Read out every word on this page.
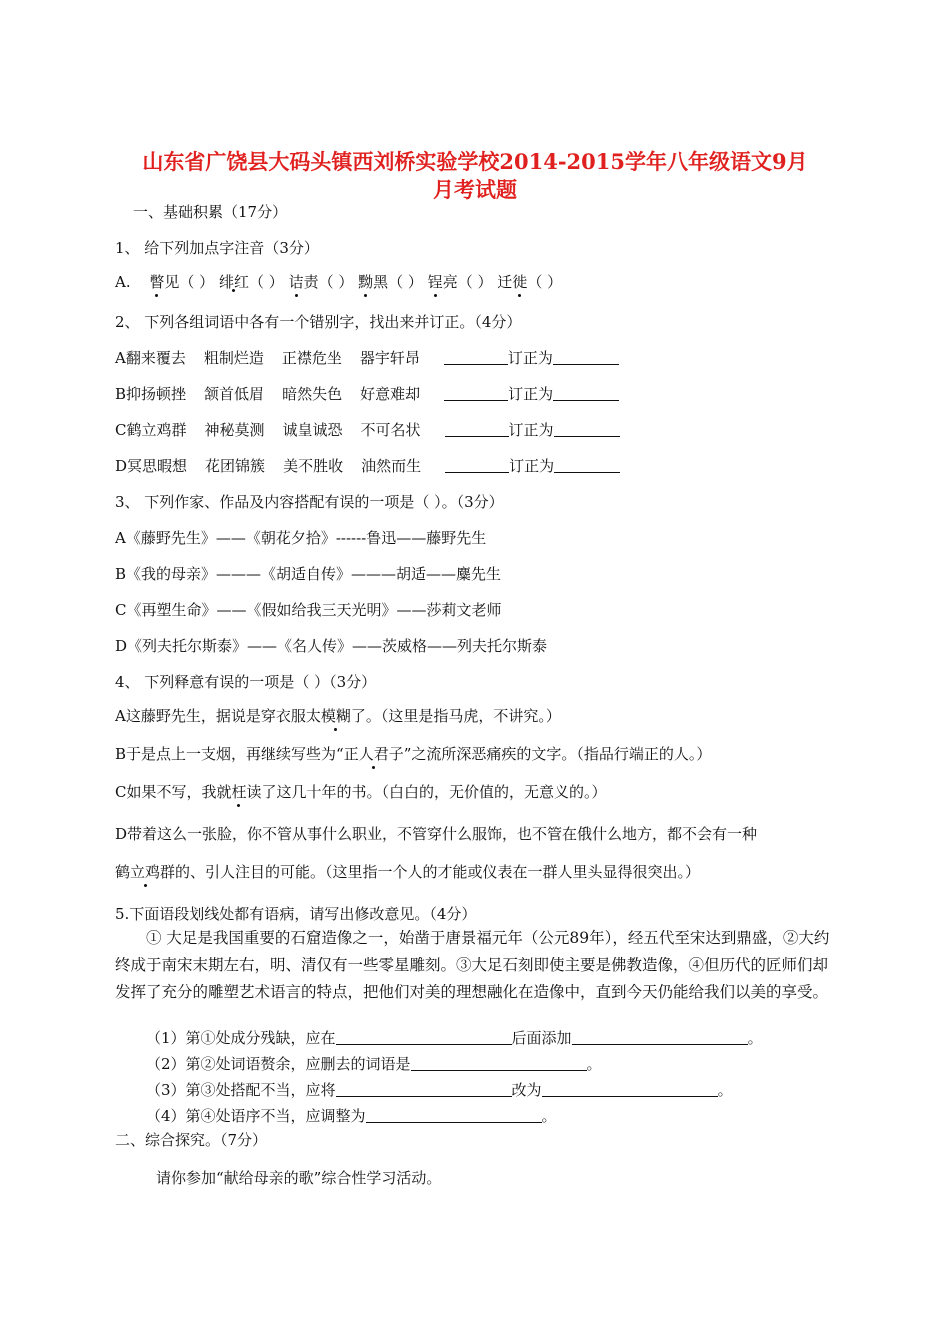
山东省广饶县大码头镇西刘桥实验学校2014-2015学年八年级语文9月
月考试题
一、基础积累（17分）
1、 给下列加点字注音（3分）
A. 瞥见（ ） 绯红（ ） 诘责（ ） 黝黑（ ） 锃亮（ ） 迁徙（ ）
2、 下列各组词语中各有一个错别字，找出来并订正。（4分）
A翻来覆去 粗制烂造 正襟危坐 器宇轩昂	订正为
B抑扬顿挫 颔首低眉 暗然失色 好意难却	订正为
C鹤立鸡群 神秘莫测 诚皇诚恐 不可名状	订正为
D冥思暇想 花团锦簇 美不胜收 油然而生	订正为
3、 下列作家、作品及内容搭配有误的一项是（ ）。（3分）
A《藤野先生》——《朝花夕拾》------鲁迅——藤野先生
B《我的母亲》———《胡适自传》———胡适——麋先生
C《再塑生命》——《假如给我三天光明》——莎莉文老师
D《列夫托尔斯泰》——《名人传》——茨威格——列夫托尔斯泰
4、 下列释意有误的一项是（ ）（3分）
A这藤野先生，据说是穿衣服太模糊了。（这里是指马虎，不讲究。）
B于是点上一支烟，再继续写些为“正人君子”之流所深恶痛疾的文字。（指品行端正的人。）
C如果不写，我就枉读了这几十年的书。（白白的，无价值的，无意义的。）
D带着这么一张脸，你不管从事什么职业，不管穿什么服饰，也不管在俄什么地方，都不会有一种
鹤立鸡群的、引人注目的可能。（这里指一个人的才能或仪表在一群人里头显得很突出。）
5.下面语段划线处都有语病，请写出修改意见。（4分）
① 大足是我国重要的石窟造像之一，始凿于唐景福元年（公元89年），经五代至宋达到鼎盛，②大约终成于南宋末期左右，明、清仅有一些零星雕刻。③大足石刻即使主要是佛教造像，④但历代的匠师们却发挥了充分的雕塑艺术语言的特点，把他们对美的理想融化在造像中，直到今天仍能给我们以美的享受。
（1）第①处成分残缺，应在	后面添加	。
（2）第②处词语赘余，应删去的词语是	。
（3）第③处搭配不当，应将	改为	。
（4）第④处语序不当，应调整为	。
二、综合探究。（7分）
请你参加“献给母亲的歌”综合性学习活动。
